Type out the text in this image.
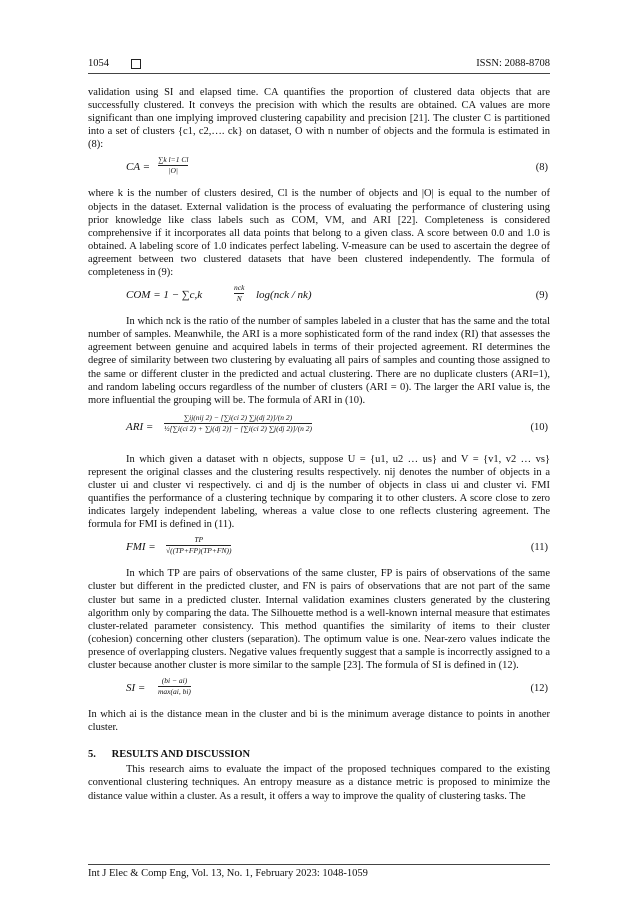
1054	ISSN: 2088-8708

validation using SI and elapsed time. CA quantifies the proportion of clustered data objects that are successfully clustered. It conveys the precision with which the results are obtained. CA values are more significant than one implying improved clustering capability and precision [21]. The cluster C is partitioned into a set of clusters {c1, c2,…. ck} on dataset, O with n number of objects and the formula is estimated in (8):

CA = $\frac{\text{∑k l=1 Cl}}{|O|}$	(8)

where k is the number of clusters desired, Cl is the number of objects and |O| is equal to the number of objects in the dataset. External validation is the process of evaluating the performance of clustering using prior knowledge like class labels such as COM, VM, and ARI [22]. Completeness is considered comprehensive if it incorporates all data points that belong to a given class. A score between 0.0 and 1.0 is obtained. A labeling score of 1.0 indicates perfect labeling. V-measure can be used to ascertain the degree of agreement between two clustered datasets that have been clustered independently. The formula of completeness in (9):

COM = 1 − ∑c,k
nck
N log(nck / nk)	(9)

In which nck is the ratio of the number of samples labeled in a cluster that has the same and the total number of samples. Meanwhile, the ARI is a more sophisticated form of the rand index (RI) that assesses the agreement between genuine and acquired labels in terms of their projected agreement. RI determines the degree of similarity between two clustering by evaluating all pairs of samples and counting those assigned to the same or different cluster in the predicted and actual clustering. There are no duplicate clusters (ARI=1), and random labeling occurs regardless of the number of clusters (ARI = 0). The larger the ARI value is, the more influential the grouping will be. The formula of ARI in (10).

ARI =
∑ij(nij 2) − [∑i(ci 2) ∑j(dj 2)]/(n 2)
½[∑i(ci 2) + ∑j(dj 2)] − [∑i(ci 2) ∑j(dj 2)]/(n 2)	(10)

In which given a dataset with n objects, suppose U = {u1, u2 … us} and V = {v1, v2 … vs} represent the original classes and the clustering results respectively. nij denotes the number of objects in a cluster ui and cluster vi respectively. ci and dj is the number of objects in class ui and cluster vi. FMI quantifies the performance of a clustering technique by comparing it to other clusters. A score close to zero indicates largely independent labeling, whereas a value close to one reflects clustering agreement. The formula for FMI is defined in (11).

FMI = $\frac{TP}{√((TP+FP)(TP+FN))}$	(11)

In which TP are pairs of observations of the same cluster, FP is pairs of observations of the same cluster but different in the predicted cluster, and FN is pairs of observations that are not part of the same cluster but same in a predicted cluster. Internal validation examines clusters generated by the clustering algorithm only by comparing the data. The Silhouette method is a well-known internal measure that estimates cluster-related parameter consistency. This method quantifies the similarity of items to their cluster (cohesion) concerning other clusters (separation). The optimum value is one. Near-zero values indicate the presence of overlapping clusters. Negative values frequently suggest that a sample is incorrectly assigned to a cluster because another cluster is more similar to the sample [23]. The formula of SI is defined in (12).

SI =
(bi − ai)
max(ai, bi)	(12)

In which ai is the distance mean in the cluster and bi is the minimum average distance to points in another cluster.

5. RESULTS AND DISCUSSION

This research aims to evaluate the impact of the proposed techniques compared to the existing conventional clustering techniques. An entropy measure as a distance metric is proposed to minimize the distance value within a cluster. As a result, it offers a way to improve the quality of clustering tasks. The

Int J Elec & Comp Eng, Vol. 13, No. 1, February 2023: 1048-1059
